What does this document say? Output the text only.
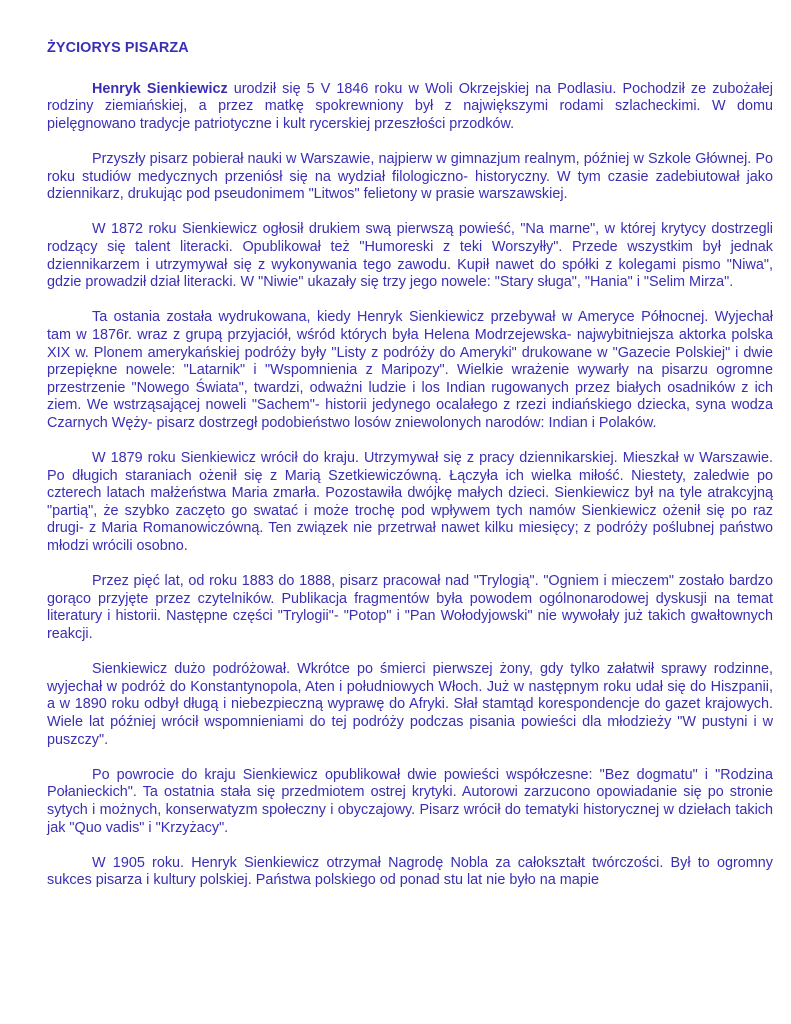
ŻYCIORYS PISARZA

Henryk Sienkiewicz urodził się 5 V 1846 roku w Woli Okrzejskiej na Podlasiu. Pochodził ze zubożałej rodziny ziemiańskiej, a przez matkę spokrewniony był z największymi rodami szlacheckimi. W domu pielęgnowano tradycje patriotyczne i kult rycerskiej przeszłości przodków.

Przyszły pisarz pobierał nauki w Warszawie, najpierw w gimnazjum realnym, później w Szkole Głównej. Po roku studiów medycznych przeniósł się na wydział filologiczno- historyczny. W tym czasie zadebiutował jako dziennikarz, drukując pod pseudonimem "Litwos" felietony w prasie warszawskiej.

W 1872 roku Sienkiewicz ogłosił drukiem swą pierwszą powieść, "Na marne", w której krytycy dostrzegli rodzący się talent literacki. Opublikował też "Humoreski z teki Worszyłły". Przede wszystkim był jednak dziennikarzem i utrzymywał się z wykonywania tego zawodu. Kupił nawet do spółki z kolegami pismo "Niwa", gdzie prowadził dział literacki. W "Niwie" ukazały się trzy jego nowele: "Stary sługa", "Hania" i "Selim Mirza".

Ta ostania została wydrukowana, kiedy Henryk Sienkiewicz przebywał w Ameryce Północnej. Wyjechał tam w 1876r. wraz z grupą przyjaciół, wśród których była Helena Modrzejewska- najwybitniejsza aktorka polska XIX w. Plonem amerykańskiej podróży były "Listy z podróży do Ameryki" drukowane w "Gazecie Polskiej" i dwie przepiękne nowele: "Latarnik" i "Wspomnienia z Maripozy". Wielkie wrażenie wywarły na pisarzu ogromne przestrzenie "Nowego Świata", twardzi, odważni ludzie i los Indian rugowanych przez białych osadników z ich ziem. We wstrząsającej noweli "Sachem"- historii jedynego ocalałego z rzezi indiańskiego dziecka, syna wodza Czarnych Węży- pisarz dostrzegł podobieństwo losów zniewolonych narodów: Indian i Polaków.

W 1879 roku Sienkiewicz wrócił do kraju. Utrzymywał się z pracy dziennikarskiej. Mieszkał w Warszawie. Po długich staraniach ożenił się z Marią Szetkiewiczówną. Łączyła ich wielka miłość. Niestety, zaledwie po czterech latach małżeństwa Maria zmarła. Pozostawiła dwójkę małych dzieci. Sienkiewicz był na tyle atrakcyjną "partią", że szybko zaczęto go swatać i może trochę pod wpływem tych namów Sienkiewicz ożenił się po raz drugi- z Maria Romanowiczówną. Ten związek nie przetrwał nawet kilku miesięcy; z podróży poślubnej państwo młodzi wrócili osobno.

Przez pięć lat, od roku 1883 do 1888, pisarz pracował nad "Trylogią". "Ogniem i mieczem" zostało bardzo gorąco przyjęte przez czytelników. Publikacja fragmentów była powodem ogólnonarodowej dyskusji na temat literatury i historii. Następne części "Trylogii"- "Potop" i "Pan Wołodyjowski" nie wywołały już takich gwałtownych reakcji.

Sienkiewicz dużo podróżował. Wkrótce po śmierci pierwszej żony, gdy tylko załatwił sprawy rodzinne, wyjechał w podróż do Konstantynopola, Aten i południowych Włoch. Już w następnym roku udał się do Hiszpanii, a w 1890 roku odbył długą i niebezpieczną wyprawę do Afryki. Słał stamtąd korespondencje do gazet krajowych. Wiele lat później wrócił wspomnieniami do tej podróży podczas pisania powieści dla młodzieży "W pustyni i w puszczy".

Po powrocie do kraju Sienkiewicz opublikował dwie powieści współczesne: "Bez dogmatu" i "Rodzina Połanieckich". Ta ostatnia stała się przedmiotem ostrej krytyki. Autorowi zarzucono opowiadanie się po stronie sytych i możnych, konserwatyzm społeczny i obyczajowy. Pisarz wrócił do tematyki historycznej w dziełach takich jak "Quo vadis" i "Krzyżacy".

W 1905 roku. Henryk Sienkiewicz otrzymał Nagrodę Nobla za całokształt twórczości. Był to ogromny sukces pisarza i kultury polskiej. Państwa polskiego od ponad stu lat nie było na mapie
